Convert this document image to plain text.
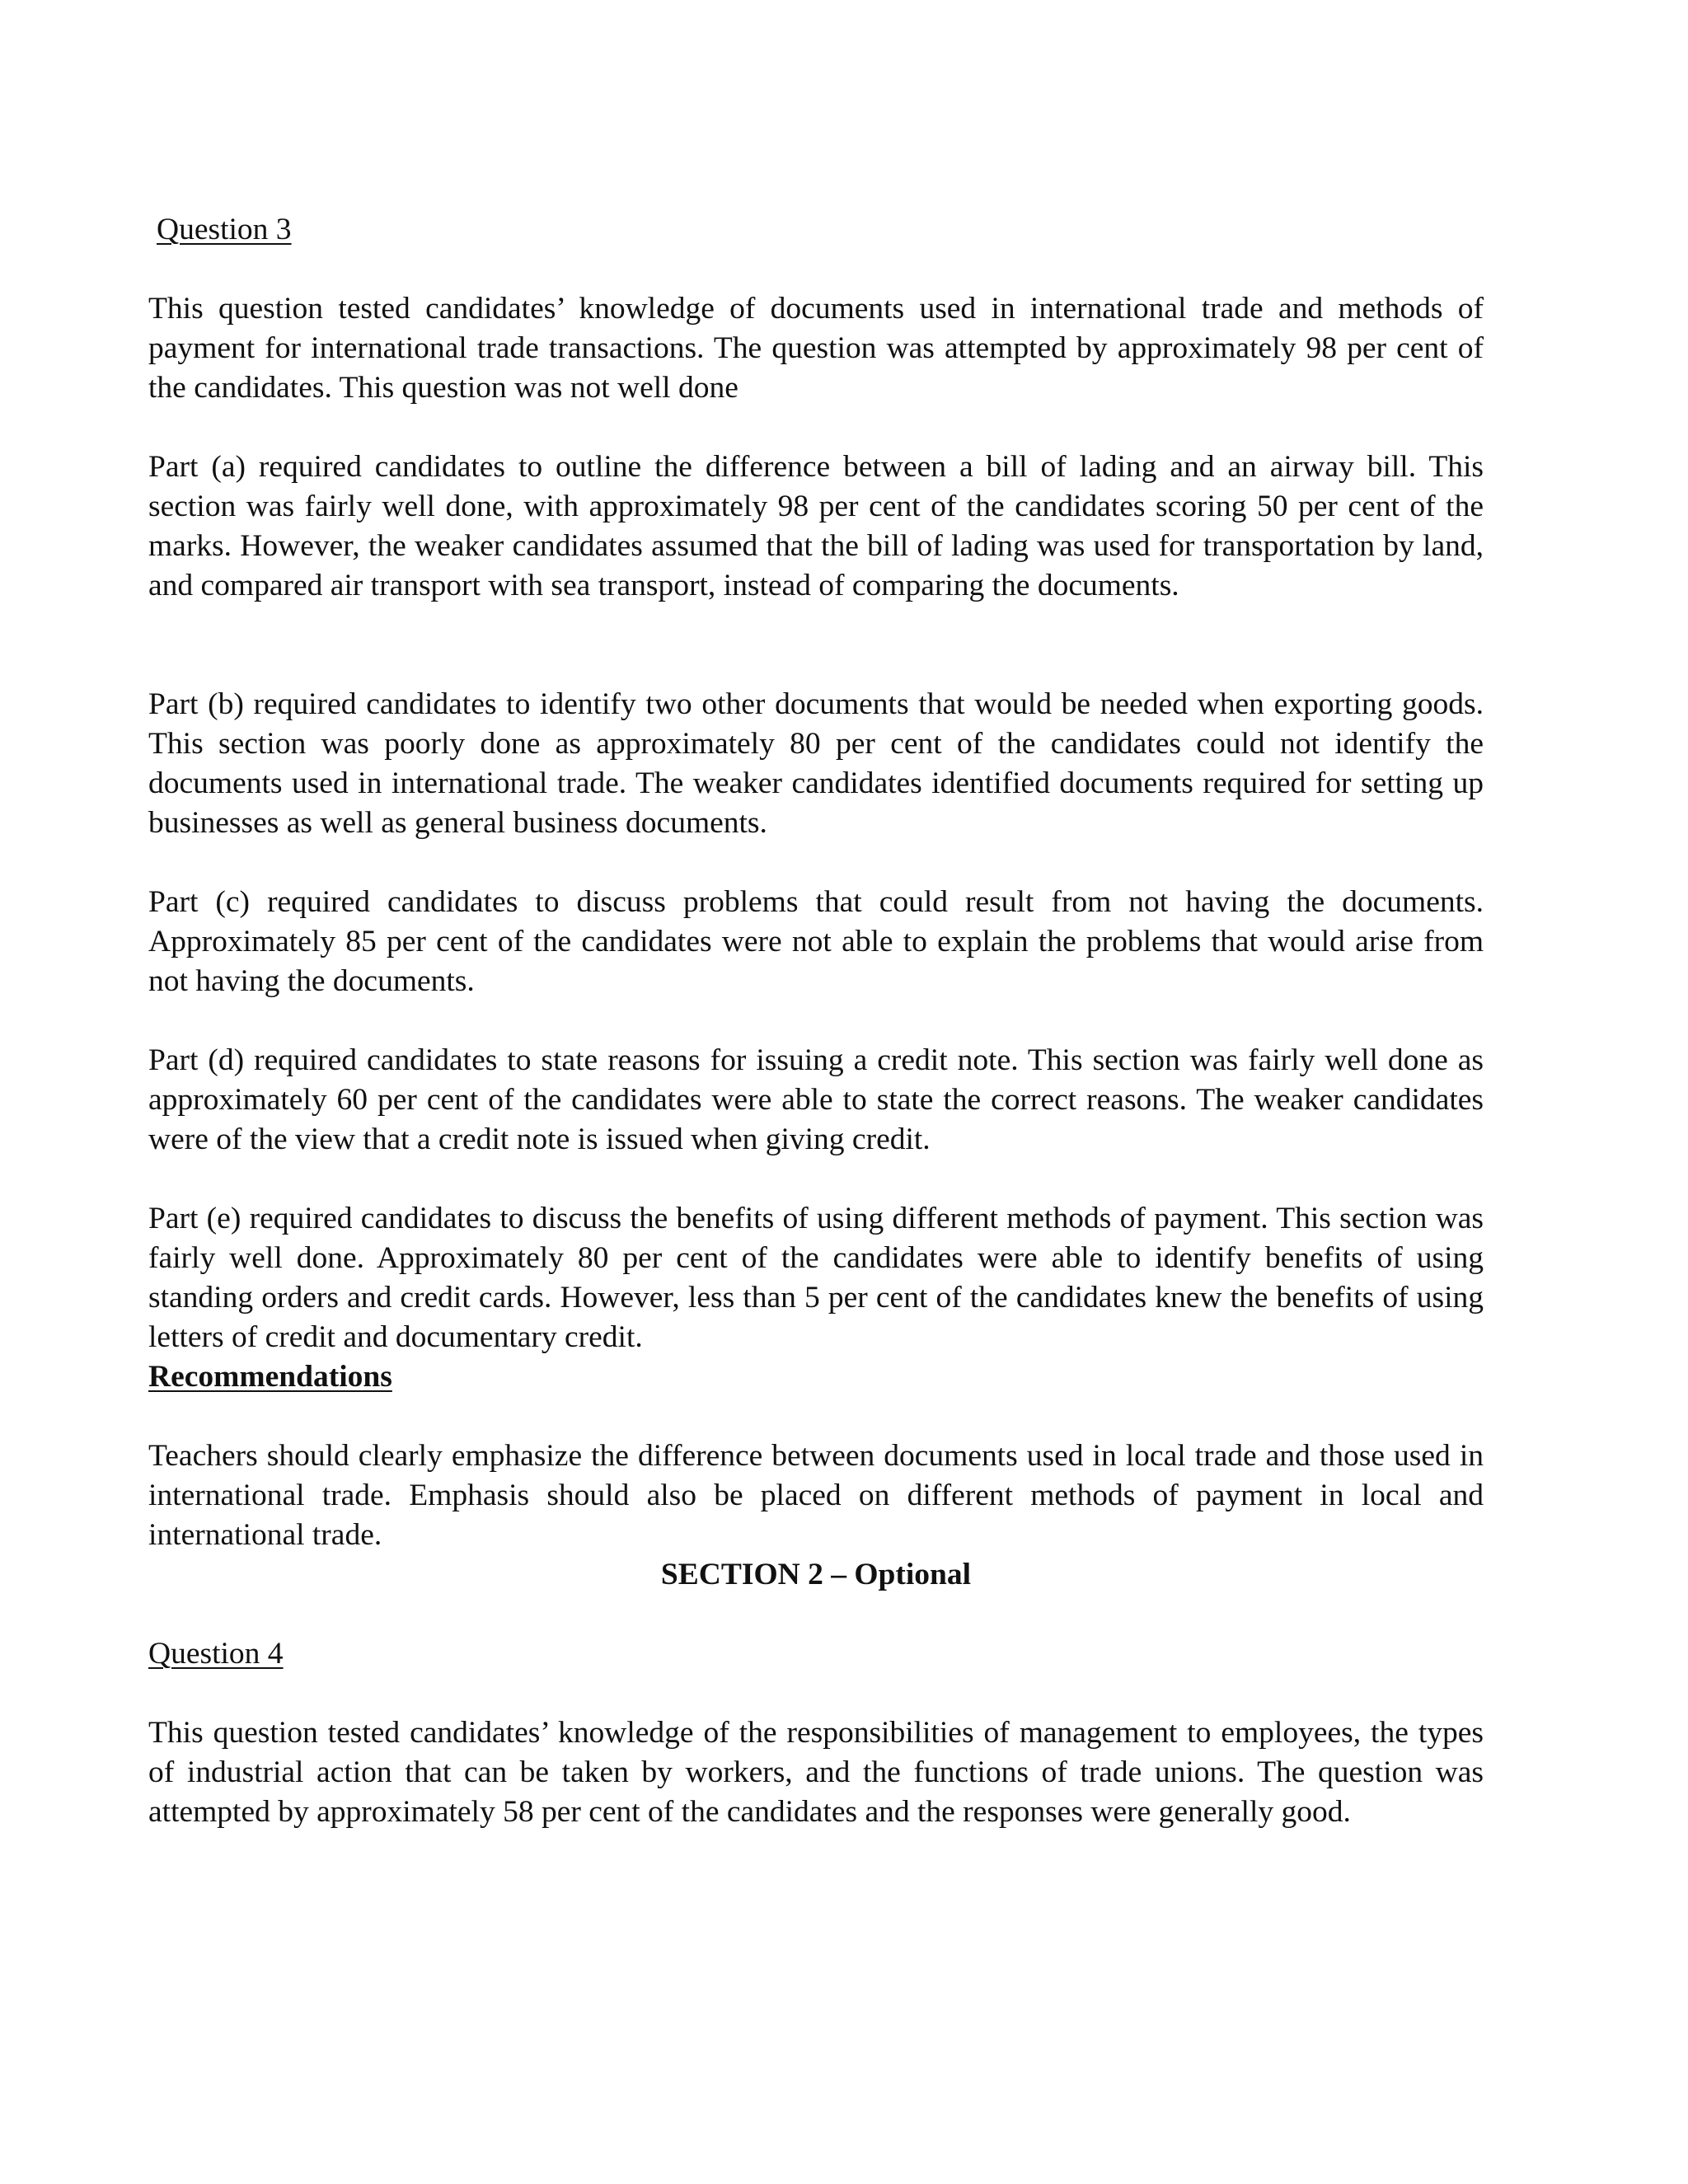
Question 3

This question tested candidates’ knowledge of documents used in international trade and methods of payment for international trade transactions. The question was attempted by approximately 98 per cent of the candidates. This question was not well done

Part (a) required candidates to outline the difference between a bill of lading and an airway bill. This section was fairly well done, with approximately 98 per cent of the candidates scoring 50 per cent of the marks. However, the weaker candidates assumed that the bill of lading was used for transportation by land, and compared air transport with sea transport, instead of comparing the documents.

Part (b) required candidates to identify two other documents that would be needed when exporting goods. This section was poorly done as approximately 80 per cent of the candidates could not identify the documents used in international trade. The weaker candidates identified documents required for setting up businesses as well as general business documents.

Part (c) required candidates to discuss problems that could result from not having the documents. Approximately 85 per cent of the candidates were not able to explain the problems that would arise from not having the documents.

Part (d) required candidates to state reasons for issuing a credit note. This section was fairly well done as approximately 60 per cent of the candidates were able to state the correct reasons. The weaker candidates were of the view that a credit note is issued when giving credit.

Part (e) required candidates to discuss the benefits of using different methods of payment. This section was fairly well done. Approximately 80 per cent of the candidates were able to identify benefits of using standing orders and credit cards. However, less than 5 per cent of the candidates knew the benefits of using letters of credit and documentary credit.

Recommendations

Teachers should clearly emphasize the difference between documents used in local trade and those used in international trade. Emphasis should also be placed on different methods of payment in local and international trade.

SECTION 2 – Optional
Question 4

This question tested candidates’ knowledge of the responsibilities of management to employees, the types of industrial action that can be taken by workers, and the functions of trade unions. The question was attempted by approximately 58 per cent of the candidates and the responses were generally good.
